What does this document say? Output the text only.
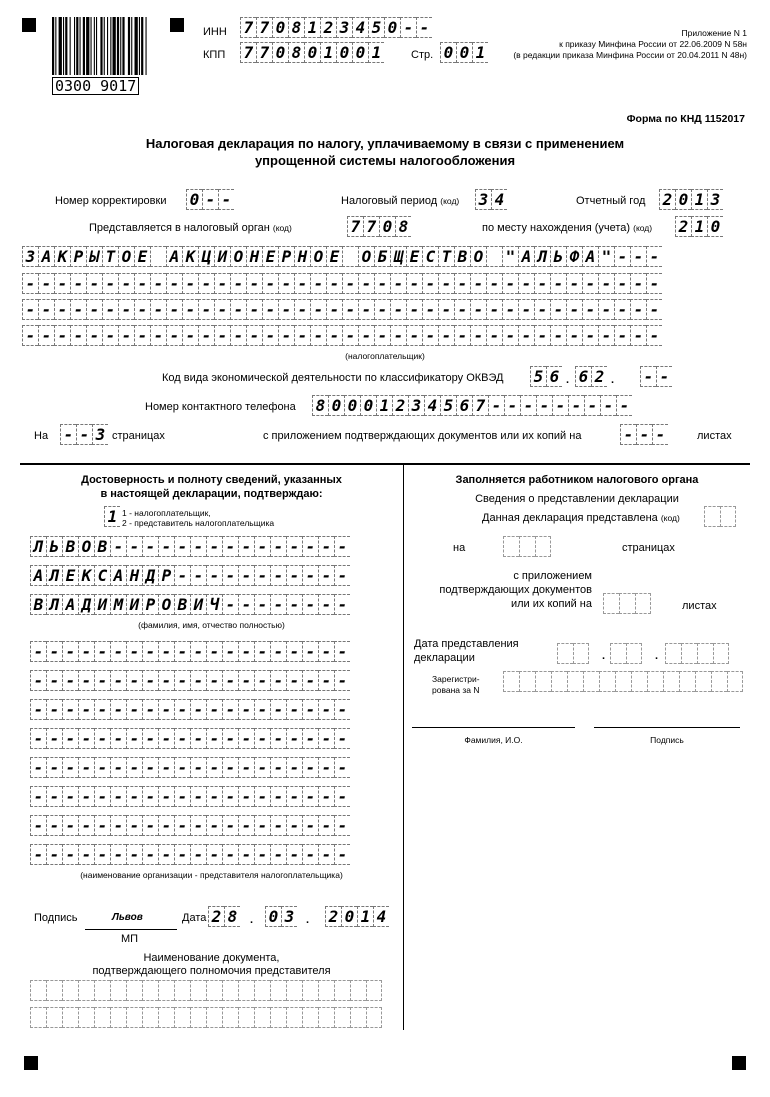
0300 9017
ИНН 7 7 0 8 1 2 3 4 5 0 - -
КПП 7 7 0 8 0 1 0 0 1	Стр. 0 0 1
Приложение N 1
к приказу Минфина России от 22.06.2009 N 58н
(в редакции приказа Минфина России от 20.04.2011 N 48н)
Форма по КНД 1152017
Налоговая декларация по налогу, уплачиваемому в связи с применением
упрощенной системы налогообложения
Номер корректировки 0 - -	Налоговый период (код) 3 4	Отчетный год 2 0 1 3
Представляется в налоговый орган (код)	7 7 0 8	по месту нахождения (учета) (код) 2 1 0
З А К Р Ы Т О Е А К Ц И О Н Е Р Н О Е О Б Щ Е С Т В О " А Л Ь Ф А " - - -
- - - - - - - - - - - - - - - - - - - - - - - - - - - - - - - - - - - - - - - -
- - - - - - - - - - - - - - - - - - - - - - - - - - - - - - - - - - - - - - - -
- - - - - - - - - - - - - - - - - - - - - - - - - - - - - - - - - - - - - - - -
(налогоплательщик)
Код вида экономической деятельности по классификатору ОКВЭД 5 6 . 6 2 . - -
Номер контактного телефона 8 0 0 0 1 2 3 4 5 6 7 - - - - - - - - -
На - - 3 страницах	с приложением подтверждающих документов или их копий на	- - -	листах
Достоверность и полноту сведений, указанных
в настоящей декларации, подтверждаю:
1 1 - налогоплательщик,
2 - представитель налогоплательщика
Л Ь В О В - - - - - - - - - - - - - - -
А Л Е К С А Н Д Р - - - - - - - - - - -
В Л А Д И М И Р О В И Ч - - - - - - - -
(фамилия, имя, отчество полностью)
- - - - - - - - - - - - - - - - - - - -
- - - - - - - - - - - - - - - - - - - -
- - - - - - - - - - - - - - - - - - - -
- - - - - - - - - - - - - - - - - - - -
- - - - - - - - - - - - - - - - - - - -
- - - - - - - - - - - - - - - - - - - -
- - - - - - - - - - - - - - - - - - - -
- - - - - - - - - - - - - - - - - - - -
(наименование организации - представителя налогоплательщика)
Подпись	Львов	Дата 2 8 . 0 3 . 2 0 1 4
МП
Наименование документа,
подтверждающего полномочия представителя
Заполняется работником налогового органа
Сведения о представлении декларации
Данная декларация представлена (код)
на	страницах
с приложением
подтверждающих документов
или их копий на	листах
Дата представления
декларации	.	.
Зарегистри-
рована за N
Фамилия, И.О.	Подпись
